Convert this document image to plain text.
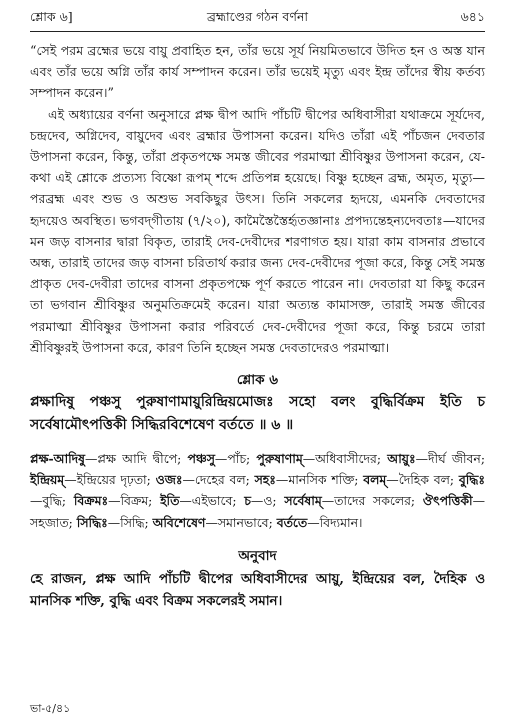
শ্লোক ৬]	ব্রহ্মাণ্ডের গঠন বর্ণনা	৬৪১

“সেই পরম ব্রহ্মের ভয়ে বায়ু প্রবাহিত হন, তাঁর ভয়ে সূর্য নিয়মিতভাবে উদিত হন ও অস্ত যান এবং তাঁর ভয়ে অগ্নি তাঁর কার্য সম্পাদন করেন। তাঁর ভয়েই মৃত্যু এবং ইন্দ্র তাঁদের স্বীয় কর্তব্য সম্পাদন করেন।”

এই অধ্যায়ের বর্ণনা অনুসারে প্লক্ষ দ্বীপ আদি পাঁচটি দ্বীপের অধিবাসীরা যথাক্রমে সূর্যদেব, চন্দ্রদেব, অগ্নিদেব, বায়ুদেব এবং ব্রহ্মার উপাসনা করেন। যদিও তাঁরা এই পাঁচজন দেবতার উপাসনা করেন, কিন্তু, তাঁরা প্রকৃতপক্ষে সমস্ত জীবের পরমাত্মা শ্রীবিষ্ণুর উপাসনা করেন, যে-কথা এই শ্লোকে প্রত্যস্য বিষ্ণো রূপম্‌ শব্দে প্রতিপন্ন হয়েছে। বিষ্ণু হচ্ছেন ব্রহ্ম, অমৃত, মৃত্যু—পরব্রহ্ম এবং শুভ ও অশুভ সবকিছুর উৎস। তিনি সকলের হৃদয়ে, এমনকি দেবতাদের হৃদয়েও অবস্থিত। ভগবদ্‌গীতায় (৭/২০), কামৈস্তৈস্তৈর্হৃতজ্ঞানাঃ প্রপদ্যন্তেহন্যদেবতাঃ—যাদের মন জড় বাসনার দ্বারা বিকৃত, তারাই দেব-দেবীদের শরণাগত হয়। যারা কাম বাসনার প্রভাবে অন্ধ, তারাই তাদের জড় বাসনা চরিতার্থ করার জন্য দেব-দেবীদের পূজা করে, কিন্তু সেই সমস্ত প্রাকৃত দেব-দেবীরা তাদের বাসনা প্রকৃতপক্ষে পূর্ণ করতে পারেন না। দেবতারা যা কিছু করেন তা ভগবান শ্রীবিষ্ণুর অনুমতিক্রমেই করেন। যারা অত্যন্ত কামাসক্ত, তারাই সমস্ত জীবের পরমাত্মা শ্রীবিষ্ণুর উপাসনা করার পরিবর্তে দেব-দেবীদের পূজা করে, কিন্তু চরমে তারা শ্রীবিষ্ণুরই উপাসনা করে, কারণ তিনি হচ্ছেন সমস্ত দেবতাদেরও পরমাত্মা।

শ্লোক ৬
প্লক্ষাদিষু পঞ্চসু পুরুষাণামায়ুরিন্দ্রিয়মোজঃ সহো বলং বুদ্ধির্বিক্রম ইতি চ সর্বেষামৌৎপত্তিকী সিদ্ধিরবিশেষেণ বর্ততে ॥ ৬ ॥
প্লক্ষ-আদিষু—প্লক্ষ আদি দ্বীপে; পঞ্চসু—পাঁচ; পুরুষাণাম্‌—অধিবাসীদের; আয়ুঃ—দীর্ঘ জীবন; ইন্দ্রিয়ম্‌—ইন্দ্রিয়ের দৃঢ়তা; ওজঃ—দেহের বল; সহঃ—মানসিক শক্তি; বলম্‌—দৈহিক বল; বুদ্ধিঃ—বুদ্ধি; বিক্রমঃ—বিক্রম; ইতি—এইভাবে; চ—ও; সর্বেষাম্‌—তাদের সকলের; ঔৎপত্তিকী—সহজাত; সিদ্ধিঃ—সিদ্ধি; অবিশেষেণ—সমানভাবে; বর্ততে—বিদ্যমান।
অনুবাদ
হে রাজন, প্লক্ষ আদি পাঁচটি দ্বীপের অধিবাসীদের আয়ু, ইন্দ্রিয়ের বল, দৈহিক ও মানসিক শক্তি, বুদ্ধি এবং বিক্রম সকলেরই সমান।
ভা-৫/৪১
